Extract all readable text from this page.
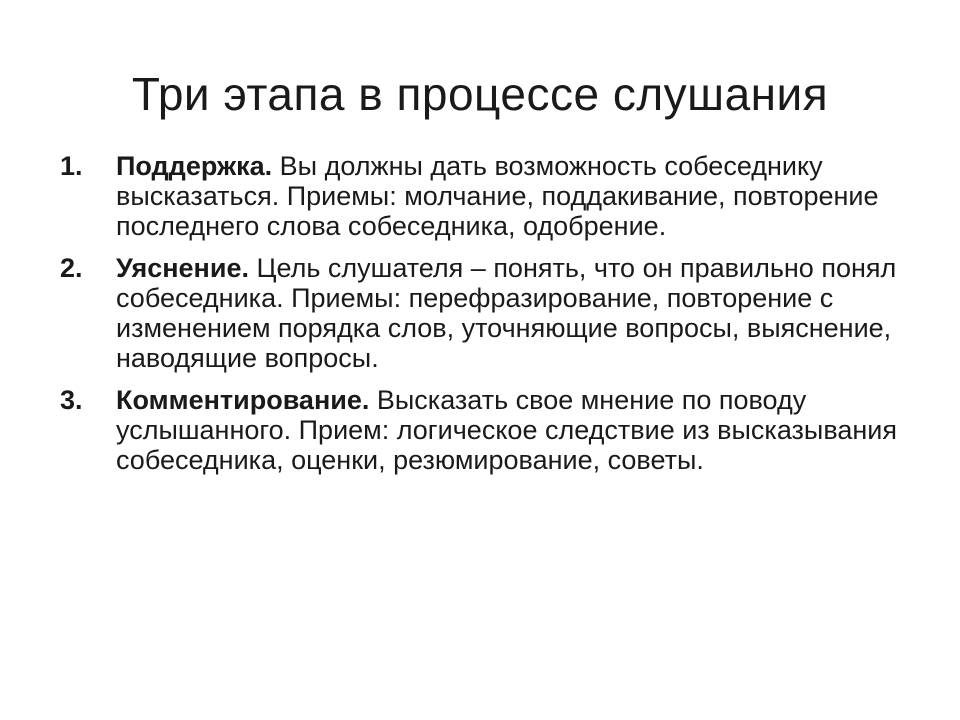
Три этапа в процессе слушания
1. Поддержка. Вы должны дать возможность собеседнику высказаться. Приемы: молчание, поддакивание, повторение последнего слова собеседника, одобрение.
2. Уяснение. Цель слушателя – понять, что он правильно понял собеседника. Приемы: перефразирование, повторение с изменением порядка слов, уточняющие вопросы, выяснение, наводящие вопросы.
3. Комментирование. Высказать свое мнение по поводу услышанного. Прием: логическое следствие из высказывания собеседника, оценки, резюмирование, советы.
